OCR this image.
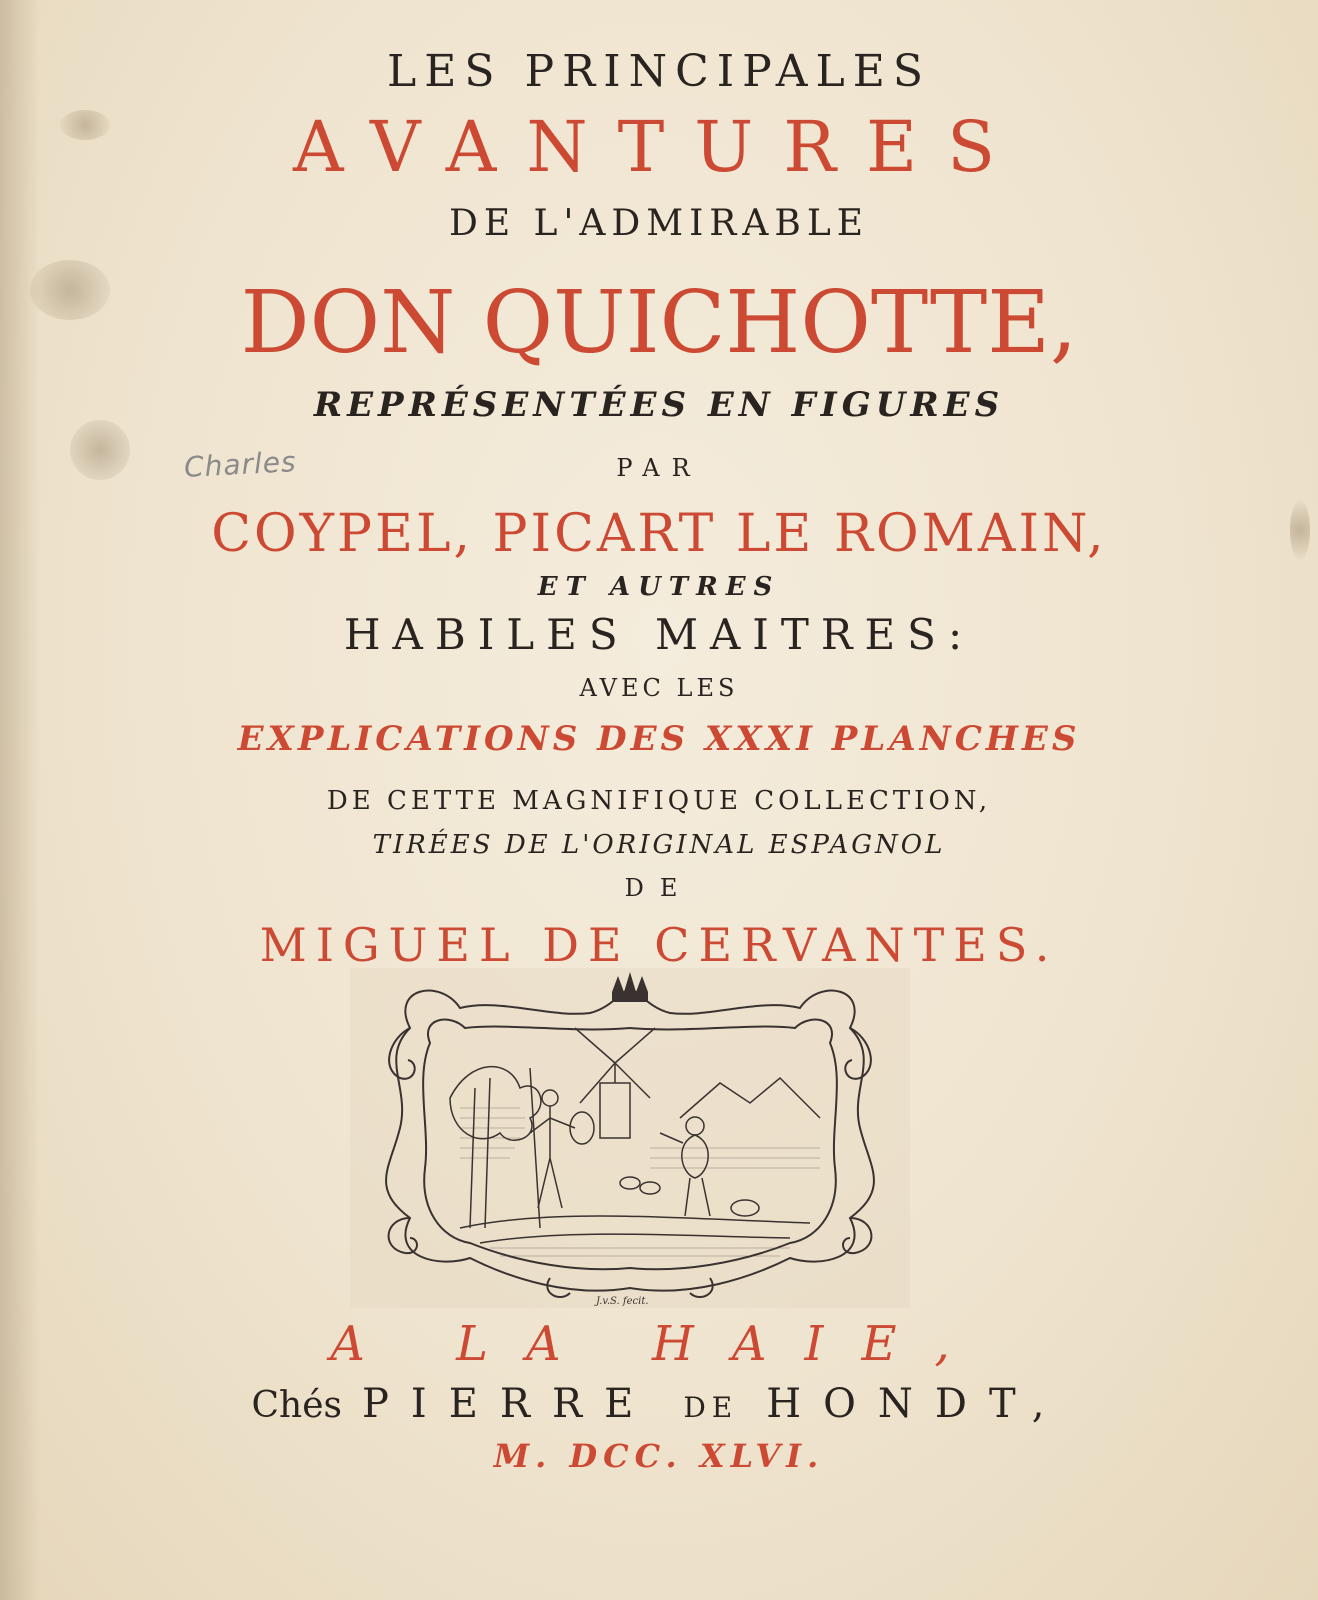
LES PRINCIPALES
AVANTURES
DE L'ADMIRABLE
DON QUICHOTTE,
REPRÉSENTÉES EN FIGURES
Charles	PAR
COYPEL, PICART LE ROMAIN,
ET AUTRES
HABILES MAITRES:
AVEC LES
EXPLICATIONS DES XXXI PLANCHES
DE CETTE MAGNIFIQUE COLLECTION,
TIRÉES DE L'ORIGINAL ESPAGNOL
DE
MIGUEL DE CERVANTES.
J.v.S. fecit.
A LA HAIE,
Chés PIERRE DE HONDT,
M. DCC. XLVI.
